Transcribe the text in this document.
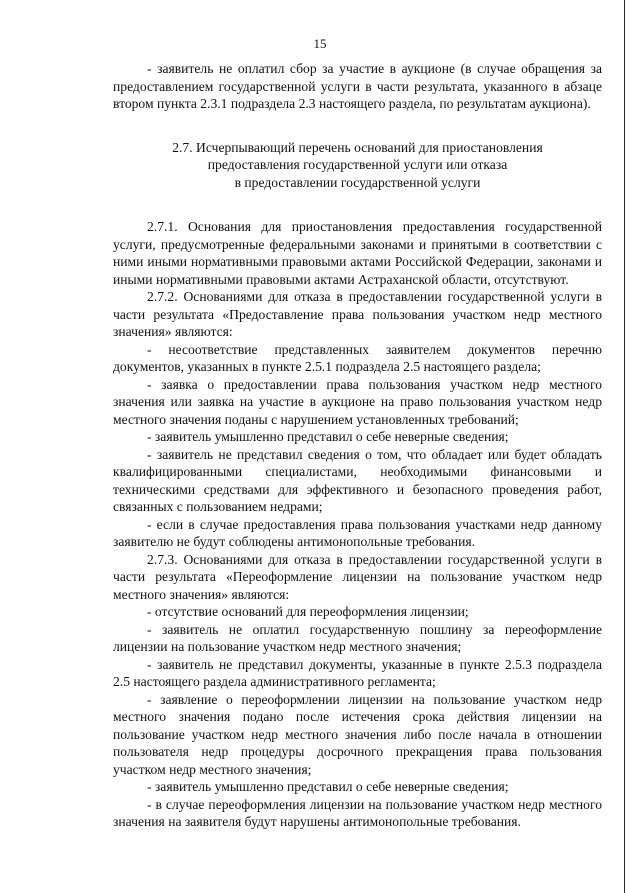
15

- заявитель не оплатил сбор за участие в аукционе (в случае обращения за предоставлением государственной услуги в части результата, указанного в абзаце втором пункта 2.3.1 подраздела 2.3 настоящего раздела, по результатам аукциона).

2.7. Исчерпывающий перечень оснований для приостановления
предоставления государственной услуги или отказа
в предоставлении государственной услуги

2.7.1. Основания для приостановления предоставления государственной услуги, предусмотренные федеральными законами и принятыми в соответствии с ними иными нормативными правовыми актами Российской Федерации, законами и иными нормативными правовыми актами Астраханской области, отсутствуют.

2.7.2. Основаниями для отказа в предоставлении государственной услуги в части результата «Предоставление права пользования участком недр местного значения» являются:

- несоответствие представленных заявителем документов перечню документов, указанных в пункте 2.5.1 подраздела 2.5 настоящего раздела;

- заявка о предоставлении права пользования участком недр местного значения или заявка на участие в аукционе на право пользования участком недр местного значения поданы с нарушением установленных требований;

- заявитель умышленно представил о себе неверные сведения;

- заявитель не представил сведения о том, что обладает или будет обладать квалифицированными специалистами, необходимыми финансовыми и техническими средствами для эффективного и безопасного проведения работ, связанных с пользованием недрами;

- если в случае предоставления права пользования участками недр данному заявителю не будут соблюдены антимонопольные требования.

2.7.3. Основаниями для отказа в предоставлении государственной услуги в части результата «Переоформление лицензии на пользование участком недр местного значения» являются:

- отсутствие оснований для переоформления лицензии;

- заявитель не оплатил государственную пошлину за переоформление лицензии на пользование участком недр местного значения;

- заявитель не представил документы, указанные в пункте 2.5.3 подраздела 2.5 настоящего раздела административного регламента;

- заявление о переоформлении лицензии на пользование участком недр местного значения подано после истечения срока действия лицензии на пользование участком недр местного значения либо после начала в отношении пользователя недр процедуры досрочного прекращения права пользования участком недр местного значения;

- заявитель умышленно представил о себе неверные сведения;

- в случае переоформления лицензии на пользование участком недр местного значения на заявителя будут нарушены антимонопольные требования.
